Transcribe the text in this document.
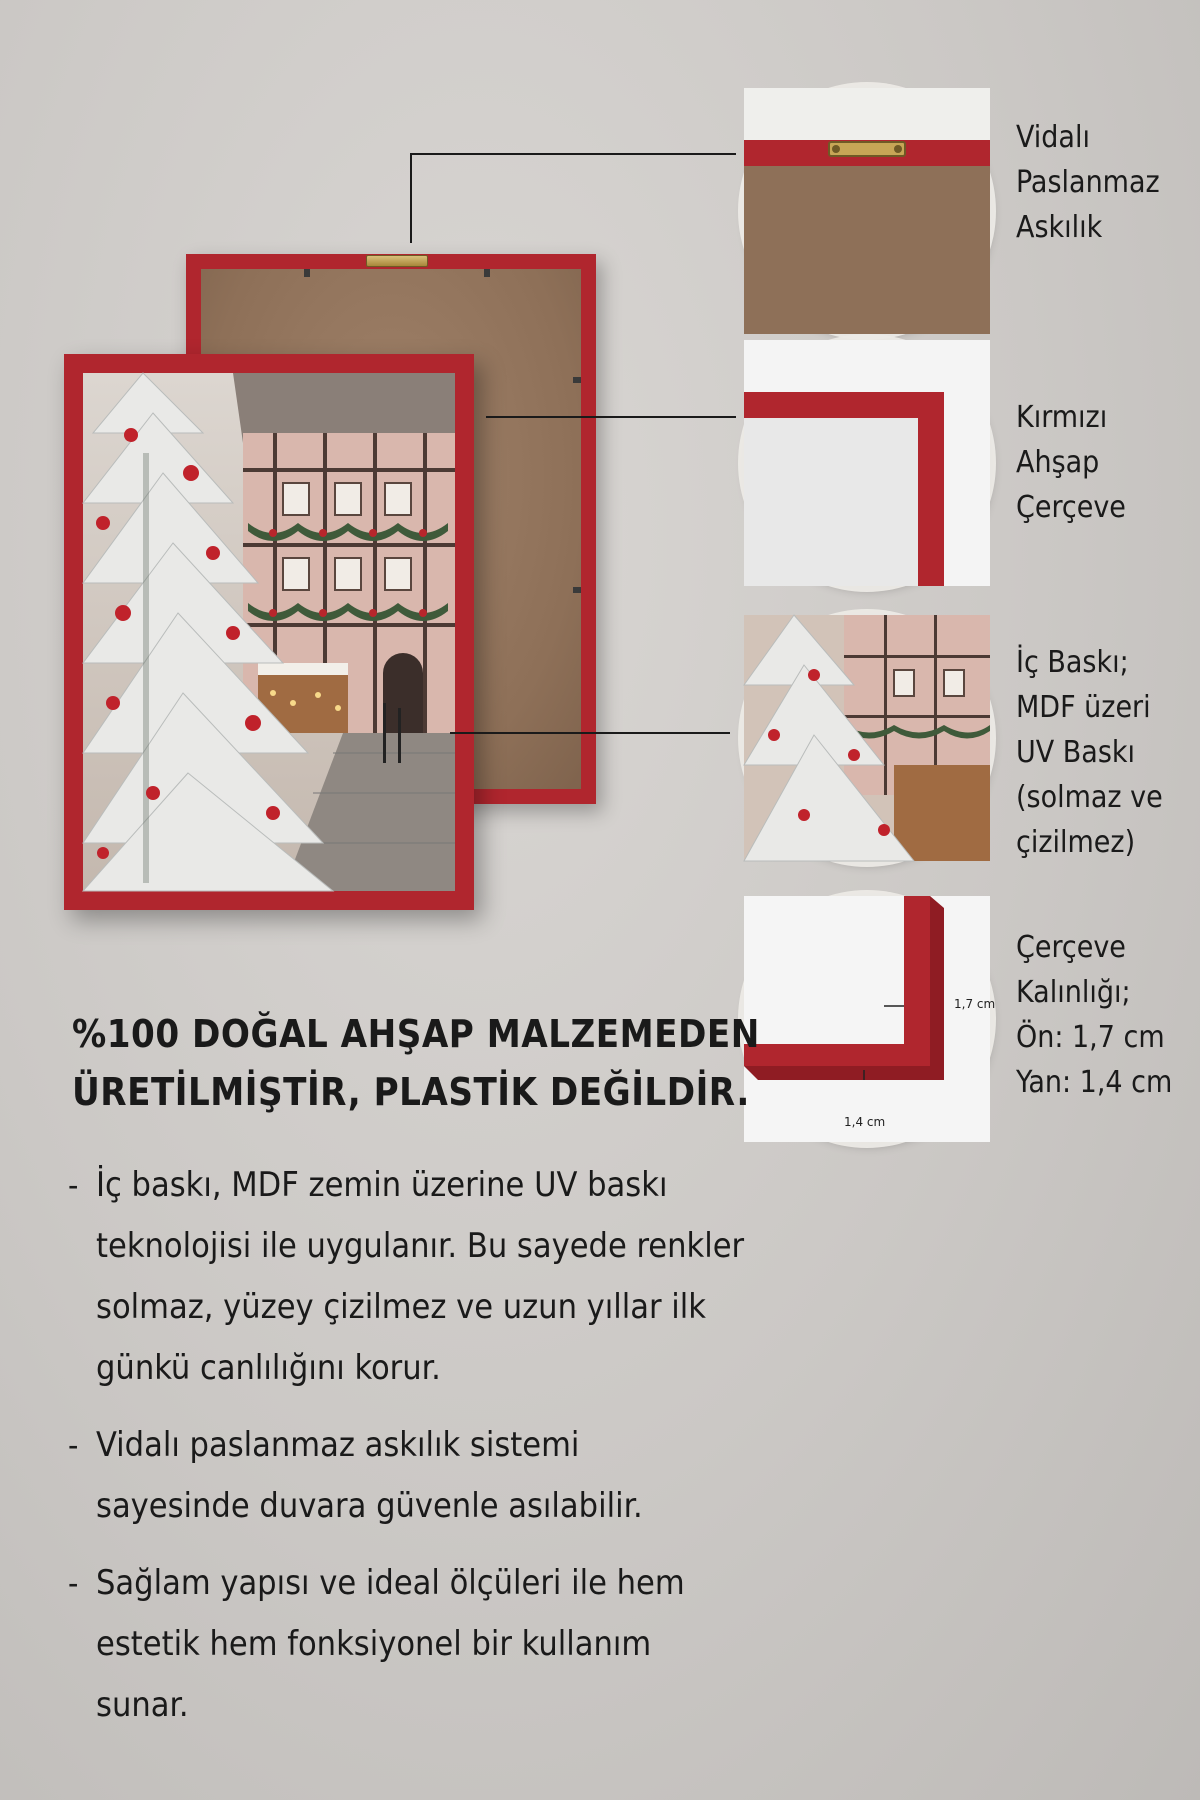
Vidalı
Paslanmaz
Askılık
Kırmızı
Ahşap
Çerçeve
İç Baskı;
MDF üzeri
UV Baskı
(solmaz ve
çizilmez)
1,7 cm
1,4 cm
Çerçeve
Kalınlığı;
Ön: 1,7 cm
Yan: 1,4 cm
%100 DOĞAL AHŞAP MALZEMEDEN
ÜRETİLMİŞTİR, PLASTİK DEĞİLDİR.
- İç baskı, MDF zemin üzerine UV baskı
teknolojisi ile uygulanır. Bu sayede renkler
solmaz, yüzey çizilmez ve uzun yıllar ilk
günkü canlılığını korur.
- Vidalı paslanmaz askılık sistemi
sayesinde duvara güvenle asılabilir.
- Sağlam yapısı ve ideal ölçüleri ile hem
estetik hem fonksiyonel bir kullanım
sunar.
